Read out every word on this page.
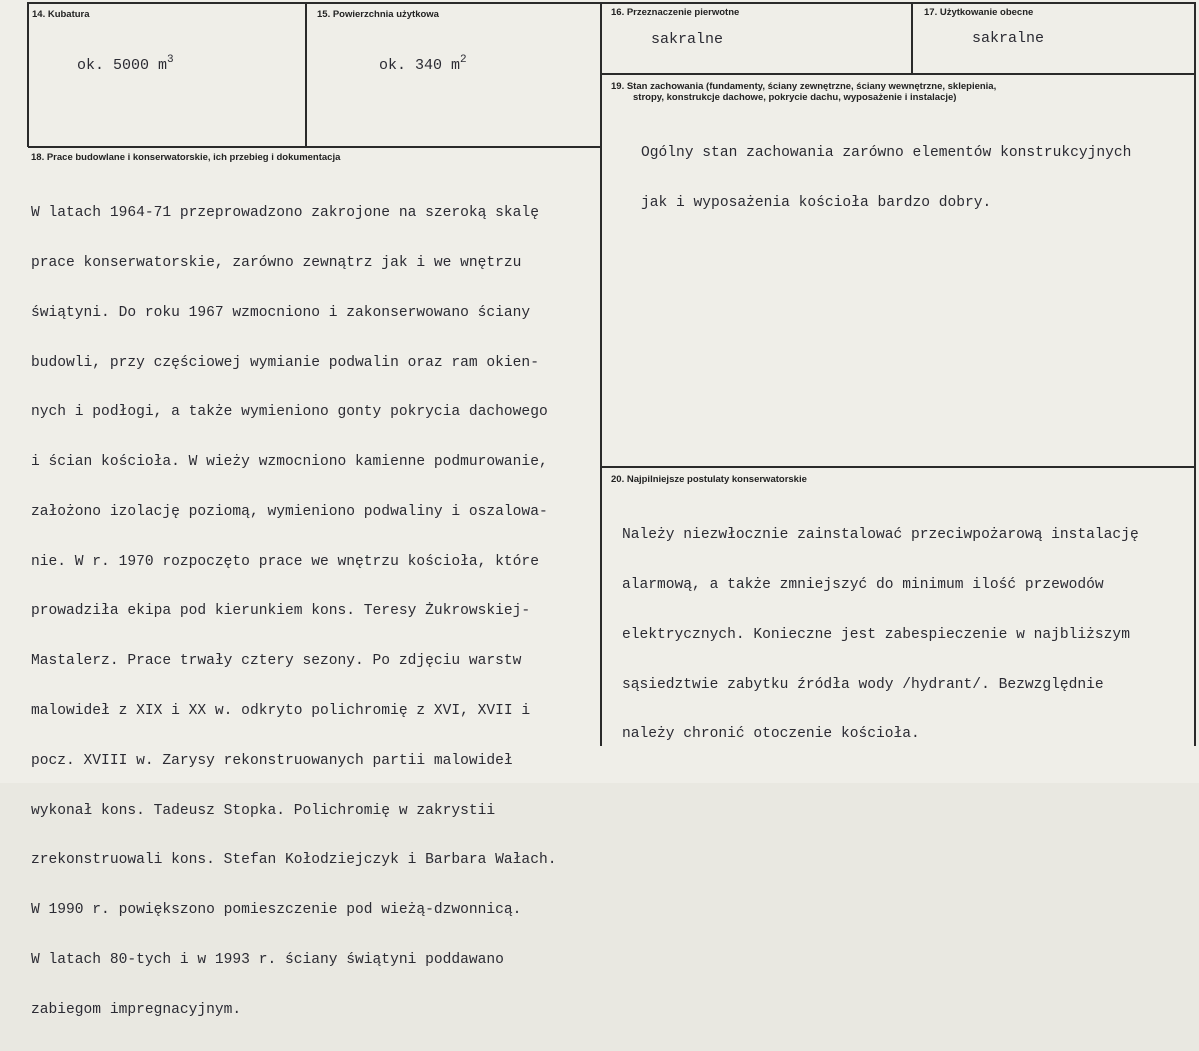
14. Kubatura
ok. 5000 $m^3$
15. Powierzchnia użytkowa
ok. 340 $m^2$
16. Przeznaczenie pierwotne
sakralne
17. Użytkowanie obecne
sakralne
19. Stan zachowania (fundamenty, ściany zewnętrzne, ściany wewnętrzne, sklepienia,
stropy, konstrukcje dachowe, pokrycie dachu, wyposażenie i instalacje)

Ogólny stan zachowania zarówno elementów konstrukcyjnych

jak i wyposażenia kościoła bardzo dobry.

18. Prace budowlane i konserwatorskie, ich przebieg i dokumentacja

W latach 1964-71 przeprowadzono zakrojone na szeroką skalę

prace konserwatorskie, zarówno zewnątrz jak i we wnętrzu

świątyni. Do roku 1967 wzmocniono i zakonserwowano ściany

budowli, przy częściowej wymianie podwalin oraz ram okien-

nych i podłogi, a także wymieniono gonty pokrycia dachowego

i ścian kościoła. W wieży wzmocniono kamienne podmurowanie,

założono izolację poziomą, wymieniono podwaliny i oszalowa-

nie. W r. 1970 rozpoczęto prace we wnętrzu kościoła, które

prowadziła ekipa pod kierunkiem kons. Teresy Żukrowskiej-

Mastalerz. Prace trwały cztery sezony. Po zdjęciu warstw

malowideł z XIX i XX w. odkryto polichromię z XVI, XVII i

pocz. XVIII w. Zarysy rekonstruowanych partii malowideł

wykonał kons. Tadeusz Stopka. Polichromię w zakrystii

zrekonstruowali kons. Stefan Kołodziejczyk i Barbara Wałach.

W 1990 r. powiększono pomieszczenie pod wieżą-dzwonnicą.

W latach 80-tych i w 1993 r. ściany świątyni poddawano

zabiegom impregnacyjnym.

20. Najpilniejsze postulaty konserwatorskie

Należy niezwłocznie zainstalować przeciwpożarową instalację

alarmową, a także zmniejszyć do minimum ilość przewodów

elektrycznych. Konieczne jest zabespieczenie w najbliższym

sąsiedztwie zabytku źródła wody /hydrant/. Bezwzględnie

należy chronić otoczenie kościoła.
